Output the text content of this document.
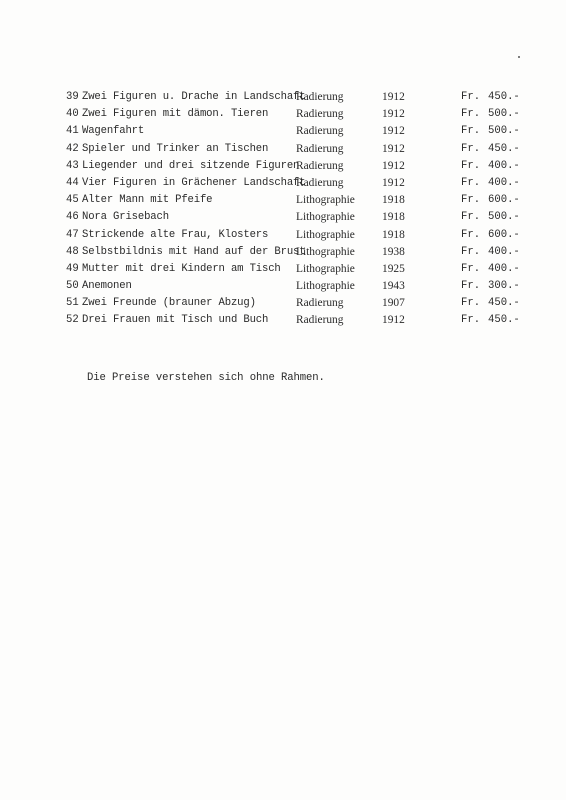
39 Zwei Figuren u. Drache in Landschaft
Radierung	1912	Fr. 450.-
40 Zwei Figuren mit dämon. Tieren Radierung	1912	Fr. 500.-
41 Wagenfahrt	Radierung	1912	Fr. 500.-
42 Spieler und Trinker an Tischen Radierung	1912	Fr. 450.-
43 Liegender und drei sitzende Figuren
Radierung	1912	Fr. 400.-
44 Vier Figuren in Grächener Landschaft
Radierung	1912	Fr. 400.-
45 Alter Mann mit Pfeife	Lithographie 1918	Fr. 600.-
46 Nora Grisebach	Lithographie 1918	Fr. 500.-
47 Strickende alte Frau, Klosters Lithographie 1918	Fr. 600.-
48 Selbstbildnis mit Hand auf der Brust
Lithographie 1938	Fr. 400.-
49 Mutter mit drei Kindern am Tisch Lithographie 1925	Fr. 400.-
50 Anemonen	Lithographie 1943	Fr. 300.-
51 Zwei Freunde (brauner Abzug)	Radierung	1907	Fr. 450.-
52 Drei Frauen mit Tisch und Buch Radierung	1912	Fr. 450.-
Die Preise verstehen sich ohne Rahmen.
